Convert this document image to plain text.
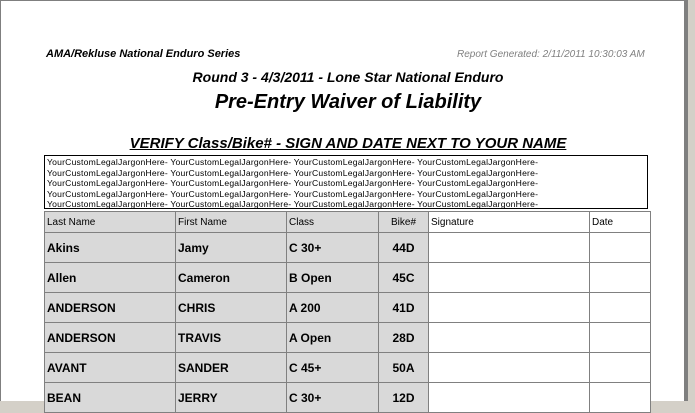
AMA/Rekluse National Enduro Series	Report Generated: 2/11/2011 10:30:03 AM
Round 3 - 4/3/2011 - Lone Star National Enduro
Pre-Entry Waiver of Liability
VERIFY Class/Bike# - SIGN AND DATE NEXT TO YOUR NAME
YourCustomLegalJargonHere- YourCustomLegalJargonHere- YourCustomLegalJargonHere- YourCustomLegalJargonHere- YourCustomLegalJargonHere- YourCustomLegalJargonHere- YourCustomLegalJargonHere- YourCustomLegalJargonHere- YourCustomLegalJargonHere- YourCustomLegalJargonHere- YourCustomLegalJargonHere- YourCustomLegalJargonHere- YourCustomLegalJargonHere- YourCustomLegalJargonHere- YourCustomLegalJargonHere- YourCustomLegalJargonHere- YourCustomLegalJargonHere- YourCustomLegalJargonHere- YourCustomLegalJargonHere- YourCustomLegalJargonHere-
Last Name	First Name	Class	Bike#	Signature	Date
Akins	Jamy	C 30+	44D		
Allen	Cameron	B Open	45C		
ANDERSON	CHRIS	A 200	41D		
ANDERSON	TRAVIS	A Open	28D		
AVANT	SANDER	C 45+	50A		
BEAN	JERRY	C 30+	12D		
